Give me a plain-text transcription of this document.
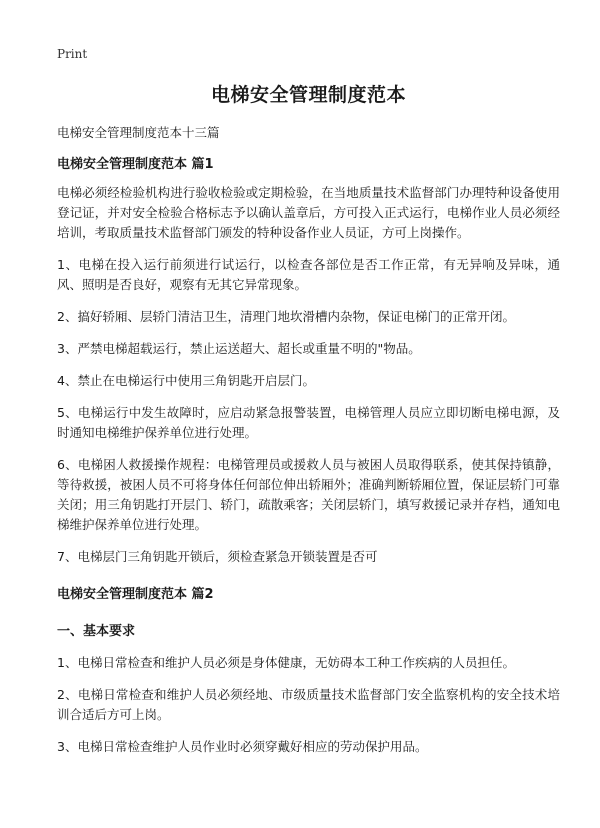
Print

电梯安全管理制度范本

电梯安全管理制度范本十三篇

电梯安全管理制度范本 篇1

电梯必须经检验机构进行验收检验或定期检验，在当地质量技术监督部门办理特种设备使用登记证，并对安全检验合格标志予以确认盖章后，方可投入正式运行，电梯作业人员必须经培训，考取质量技术监督部门颁发的特种设备作业人员证，方可上岗操作。

1、电梯在投入运行前须进行试运行，以检查各部位是否工作正常，有无异响及异味，通风、照明是否良好，观察有无其它异常现象。

2、搞好轿厢、层轿门清洁卫生，清理门地坎滑槽内杂物，保证电梯门的正常开闭。

3、严禁电梯超载运行，禁止运送超大、超长或重量不明的"物品。

4、禁止在电梯运行中使用三角钥匙开启层门。

5、电梯运行中发生故障时，应启动紧急报警装置，电梯管理人员应立即切断电梯电源，及时通知电梯维护保养单位进行处理。

6、电梯困人救援操作规程：电梯管理员或援救人员与被困人员取得联系，使其保持镇静，等待救援，被困人员不可将身体任何部位伸出轿厢外；准确判断轿厢位置，保证层轿门可靠关闭；用三角钥匙打开层门、轿门，疏散乘客；关闭层轿门，填写救援记录并存档，通知电梯维护保养单位进行处理。

7、电梯层门三角钥匙开锁后，须检查紧急开锁装置是否可

电梯安全管理制度范本 篇2
一、基本要求

1、电梯日常检查和维护人员必须是身体健康，无妨碍本工种工作疾病的人员担任。

2、电梯日常检查和维护人员必须经地、市级质量技术监督部门安全监察机构的安全技术培训合适后方可上岗。

3、电梯日常检查维护人员作业时必须穿戴好相应的劳动保护用品。
